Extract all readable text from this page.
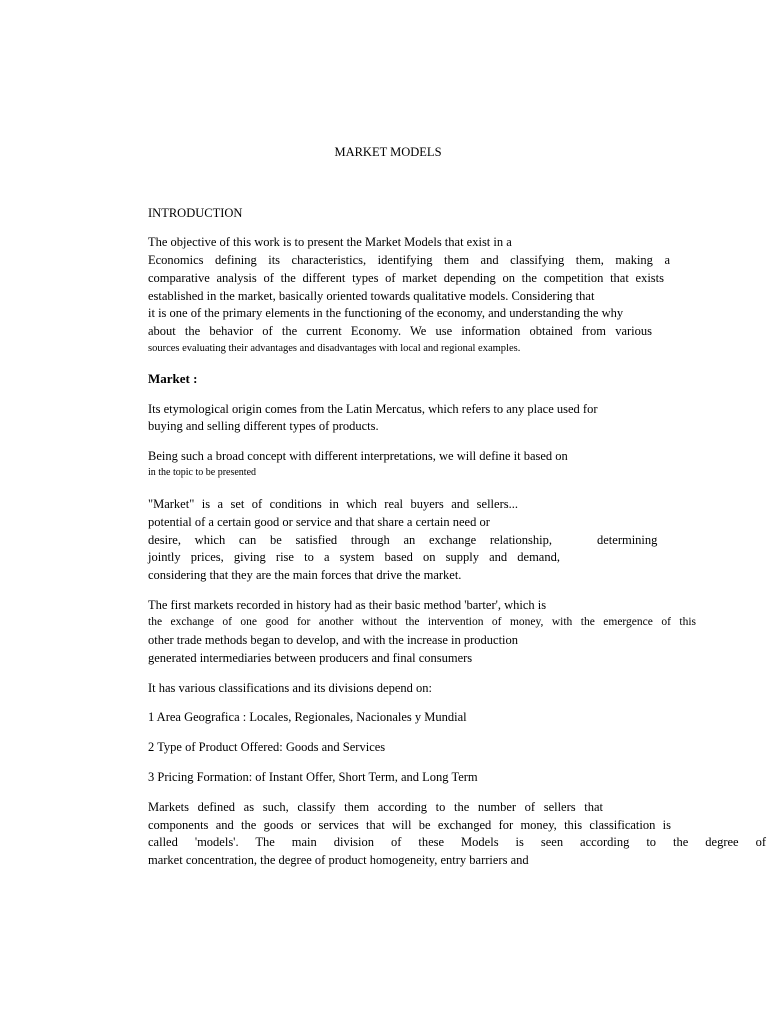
MARKET MODELS
INTRODUCTION
The objective of this work is to present the Market Models that exist in a
Economics defining its characteristics, identifying them and classifying them, making a
comparative analysis of the different types of market depending on the competition that exists
established in the market, basically oriented towards qualitative models. Considering that
it is one of the primary elements in the functioning of the economy, and understanding the why
about the behavior of the current Economy. We use information obtained from various
sources evaluating their advantages and disadvantages with local and regional examples.
Market :
Its etymological origin comes from the Latin Mercatus, which refers to any place used for
buying and selling different types of products.
Being such a broad concept with different interpretations, we will define it based on
in the topic to be presented
"Market" is a set of conditions in which real buyers and sellers...
potential of a certain good or service and that share a certain need or
desire, which can be satisfied through an exchange relationship,	determining
jointly prices, giving rise to a system based on supply and demand,
considering that they are the main forces that drive the market.
The first markets recorded in history had as their basic method 'barter', which is
the exchange of one good for another without the intervention of money, with the emergence of this
other trade methods began to develop, and with the increase in production
generated intermediaries between producers and final consumers
It has various classifications and its divisions depend on:
1 Area Geografica : Locales, Regionales, Nacionales y Mundial
2 Type of Product Offered: Goods and Services
3 Pricing Formation: of Instant Offer, Short Term, and Long Term
Markets defined as such, classify them according to the number of sellers that
components and the goods or services that will be exchanged for money, this classification is
called 'models'. The main division of these Models is seen according to the degree of
market concentration, the degree of product homogeneity, entry barriers and
